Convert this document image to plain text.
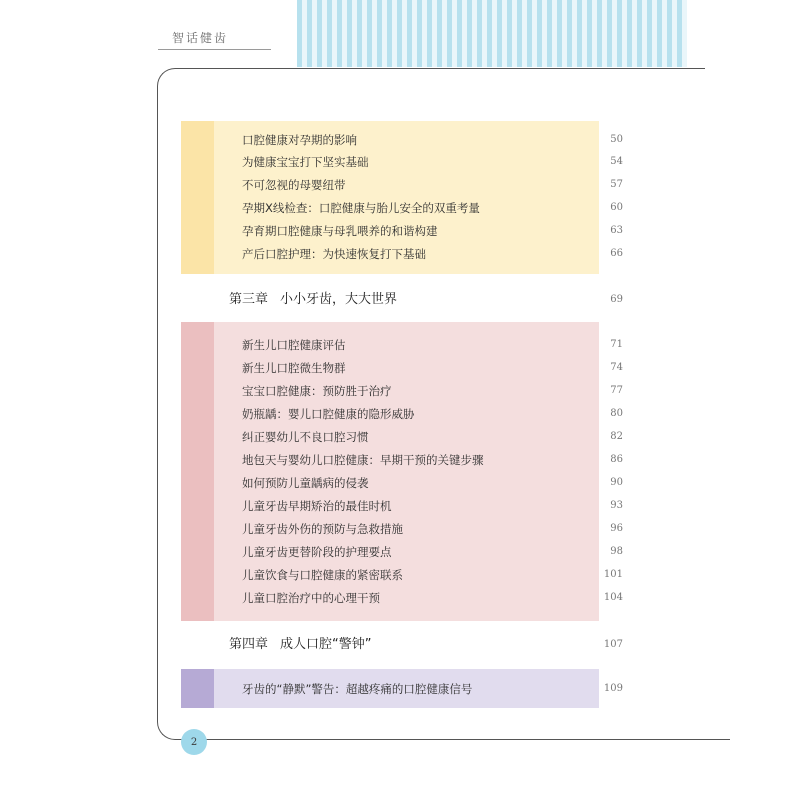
智话健齿
口腔健康对孕期的影响	50
为健康宝宝打下坚实基础	54
不可忽视的母婴纽带	57
孕期X线检查：口腔健康与胎儿安全的双重考量	60
孕育期口腔健康与母乳喂养的和谐构建	63
产后口腔护理：为快速恢复打下基础	66
第三章 小小牙齿，大大世界	69
新生儿口腔健康评估	71
新生儿口腔微生物群	74
宝宝口腔健康：预防胜于治疗	77
奶瓶龋：婴儿口腔健康的隐形威胁	80
纠正婴幼儿不良口腔习惯	82
地包天与婴幼儿口腔健康：早期干预的关键步骤	86
如何预防儿童龋病的侵袭	90
儿童牙齿早期矫治的最佳时机	93
儿童牙齿外伤的预防与急救措施	96
儿童牙齿更替阶段的护理要点	98
儿童饮食与口腔健康的紧密联系	101
儿童口腔治疗中的心理干预	104
第四章 成人口腔“警钟”	107
牙齿的“静默”警告：超越疼痛的口腔健康信号	109
2
